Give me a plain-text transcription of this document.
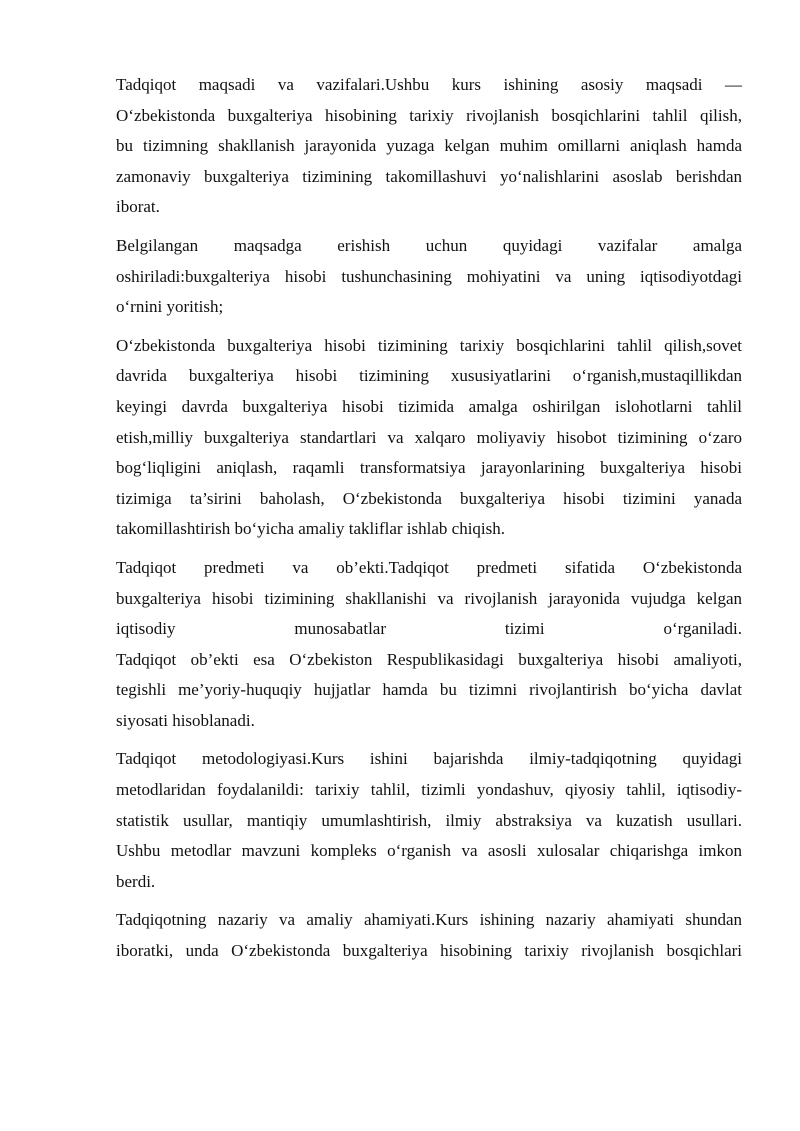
Tadqiqot maqsadi va vazifalari.Ushbu kurs ishining asosiy maqsadi —
O‘zbekistonda buxgalteriya hisobining tarixiy rivojlanish bosqichlarini tahlil qilish,
bu tizimning shakllanish jarayonida yuzaga kelgan muhim omillarni aniqlash hamda
zamonaviy buxgalteriya tizimining takomillashuvi yo‘nalishlarini asoslab berishdan
iborat.

Belgilangan maqsadga erishish uchun quyidagi vazifalar amalga
oshiriladi:buxgalteriya hisobi tushunchasining mohiyatini va uning iqtisodiyotdagi
o‘rnini yoritish;

O‘zbekistonda buxgalteriya hisobi tizimining tarixiy bosqichlarini tahlil qilish,sovet
davrida buxgalteriya hisobi tizimining xususiyatlarini o‘rganish,mustaqillikdan
keyingi davrda buxgalteriya hisobi tizimida amalga oshirilgan islohotlarni tahlil
etish,milliy buxgalteriya standartlari va xalqaro moliyaviy hisobot tizimining o‘zaro
bog‘liqligini aniqlash, raqamli transformatsiya jarayonlarining buxgalteriya hisobi
tizimiga ta’sirini baholash, O‘zbekistonda buxgalteriya hisobi tizimini yanada
takomillashtirish bo‘yicha amaliy takliflar ishlab chiqish.

Tadqiqot predmeti va ob’ekti.Tadqiqot predmeti sifatida O‘zbekistonda
buxgalteriya hisobi tizimining shakllanishi va rivojlanish jarayonida vujudga kelgan
iqtisodiy munosabatlar tizimi o‘rganiladi.
Tadqiqot ob’ekti esa O‘zbekiston Respublikasidagi buxgalteriya hisobi amaliyoti,
tegishli me’yoriy-huquqiy hujjatlar hamda bu tizimni rivojlantirish bo‘yicha davlat
siyosati hisoblanadi.

Tadqiqot metodologiyasi.Kurs ishini bajarishda ilmiy-tadqiqotning quyidagi
metodlaridan foydalanildi: tarixiy tahlil, tizimli yondashuv, qiyosiy tahlil, iqtisodiy-
statistik usullar, mantiqiy umumlashtirish, ilmiy abstraksiya va kuzatish usullari.
Ushbu metodlar mavzuni kompleks o‘rganish va asosli xulosalar chiqarishga imkon
berdi.

Tadqiqotning nazariy va amaliy ahamiyati.Kurs ishining nazariy ahamiyati shundan
iboratki, unda O‘zbekistonda buxgalteriya hisobining tarixiy rivojlanish bosqichlari
